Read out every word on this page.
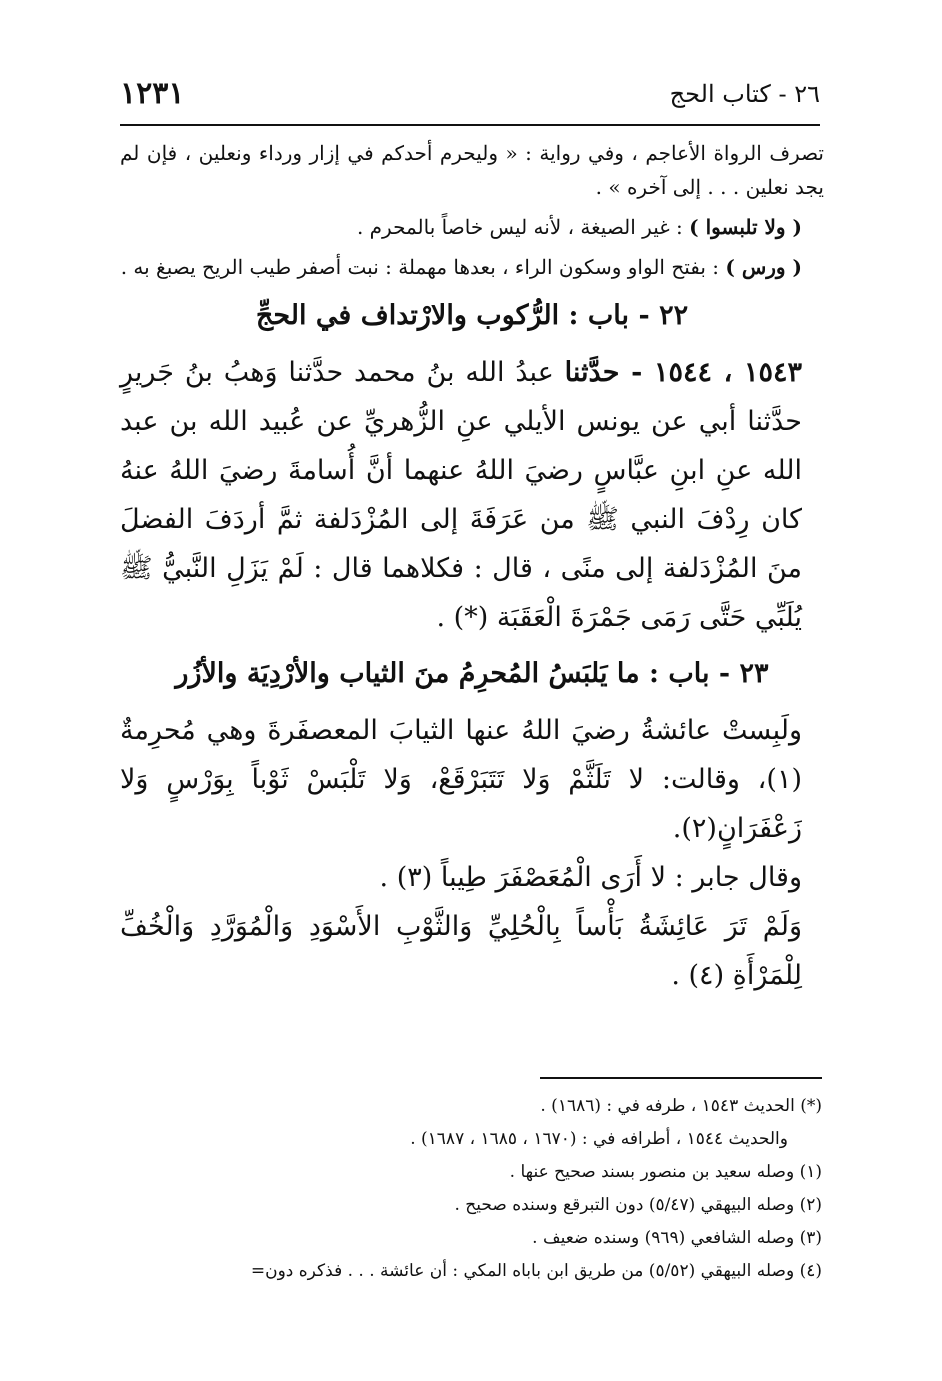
١٢٣١	٢٦ - كتاب الحج

تصرف الرواة الأعاجم ، وفي رواية : « وليحرم أحدكم في إزار ورداء ونعلين ، فإن لم يجد نعلين . . . إلى آخره » .

( ولا تلبسوا ) : غير الصيغة ، لأنه ليس خاصاً بالمحرم .

( ورس ) : بفتح الواو وسكون الراء ، بعدها مهملة : نبت أصفر طيب الريح يصبغ به .

٢٢ - باب : الرُّكوب والارْتداف في الحجِّ

١٥٤٣ ، ١٥٤٤ - حدَّثنا عبدُ الله بنُ محمد حدَّثنا وَهبُ بنُ جَريرٍ حدَّثنا أبي عن يونس الأيلي عنِ الزُّهريِّ عن عُبيد الله بن عبد الله عنِ ابنِ عبَّاسٍ رضيَ اللهُ عنهما أنَّ أُسامةَ رضيَ اللهُ عنهُ كان رِدْفَ النبي ﷺ من عَرَفَةَ إلى المُزْدَلفة ثمَّ أردَفَ الفضلَ منَ المُزْدَلفة إلى منًى ، قال : فكلاهما قال : لَمْ يَزَلِ النَّبيُّ ﷺ يُلَبِّي حَتَّى رَمَى جَمْرَةَ الْعَقَبَة (*) .

٢٣ - باب : ما يَلبَسُ المُحرِمُ منَ الثياب والأرْدِيَة والأزُر

ولَبِستْ عائشةُ رضيَ اللهُ عنها الثيابَ المعصفَرةَ وهي مُحرِمةٌ (١)، وقالت: لا تَلَثَّمْ وَلا تَتَبَرْقَعْ، وَلا تَلْبَسْ ثَوْباً بِوَرْسٍ وَلا زَعْفَرَانٍ(٢).

وقال جابر : لا أَرَى الْمُعَصْفَرَ طِيباً (٣) .

وَلَمْ تَرَ عَائِشَةُ بَأْساً بِالْحُلِيِّ وَالثَّوْبِ الأَسْوَدِ وَالْمُوَرَّدِ وَالْخُفِّ لِلْمَرْأَةِ (٤) .

(*) الحديث ١٥٤٣ ، طرفه في : (١٦٨٦) .

والحديث ١٥٤٤ ، أطرافه في : (١٦٧٠ ، ١٦٨٥ ، ١٦٨٧) .

(١) وصله سعيد بن منصور بسند صحيح عنها .

(٢) وصله البيهقي (٥/٤٧) دون التبرقع وسنده صحيح .

(٣) وصله الشافعي (٩٦٩) وسنده ضعيف .

(٤) وصله البيهقي (٥/٥٢) من طريق ابن باباه المكي : أن عائشة . . . فذكره دون=
